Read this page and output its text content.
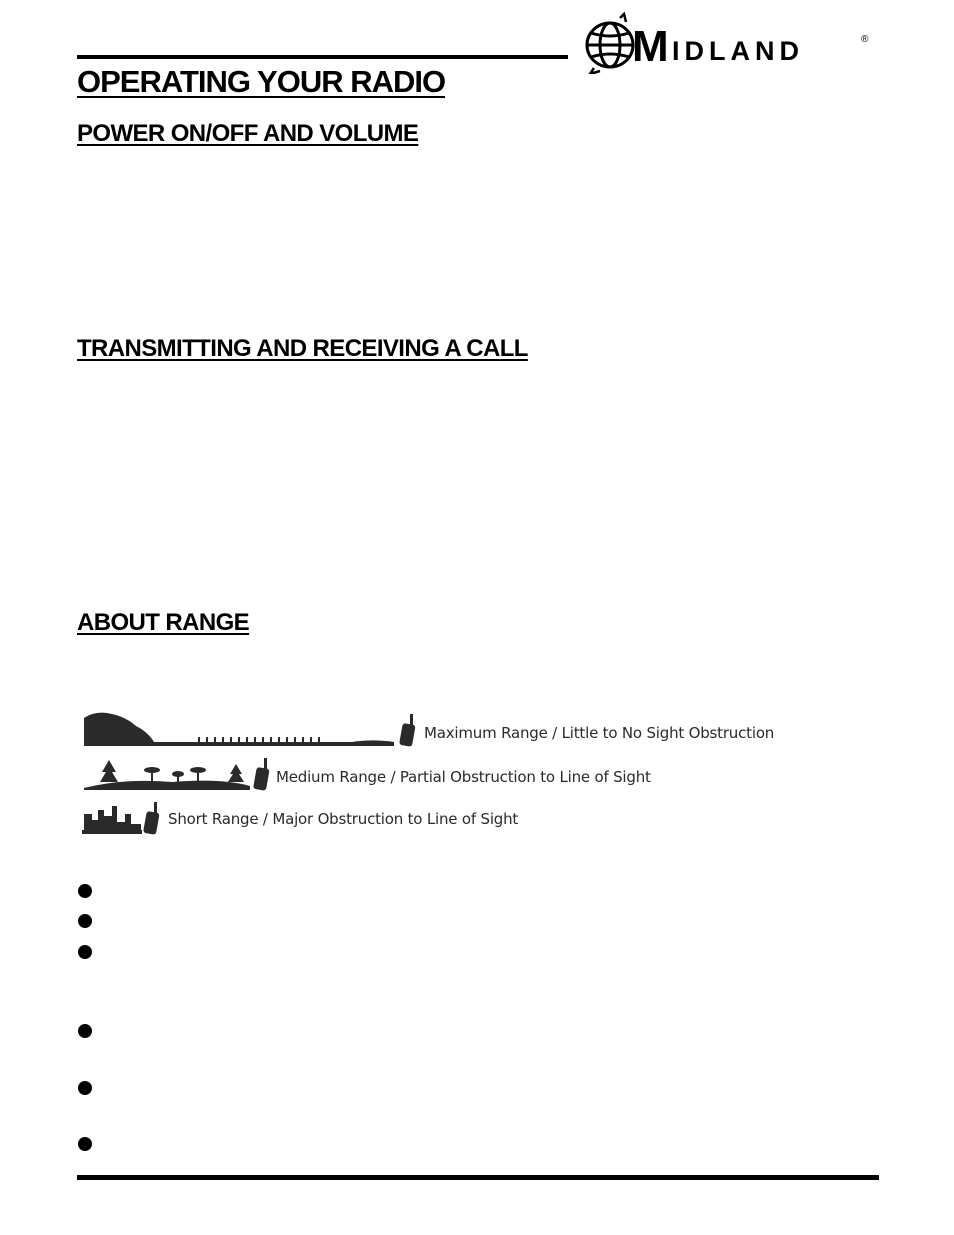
M IDLAND	®
OPERATING YOUR RADIO
POWER ON/OFF AND VOLUME
TRANSMITTING AND RECEIVING A CALL
ABOUT RANGE
Maximum Range / Little to No Sight Obstruction
Medium Range / Partial Obstruction to Line of Sight
Short Range / Major Obstruction to Line of Sight
